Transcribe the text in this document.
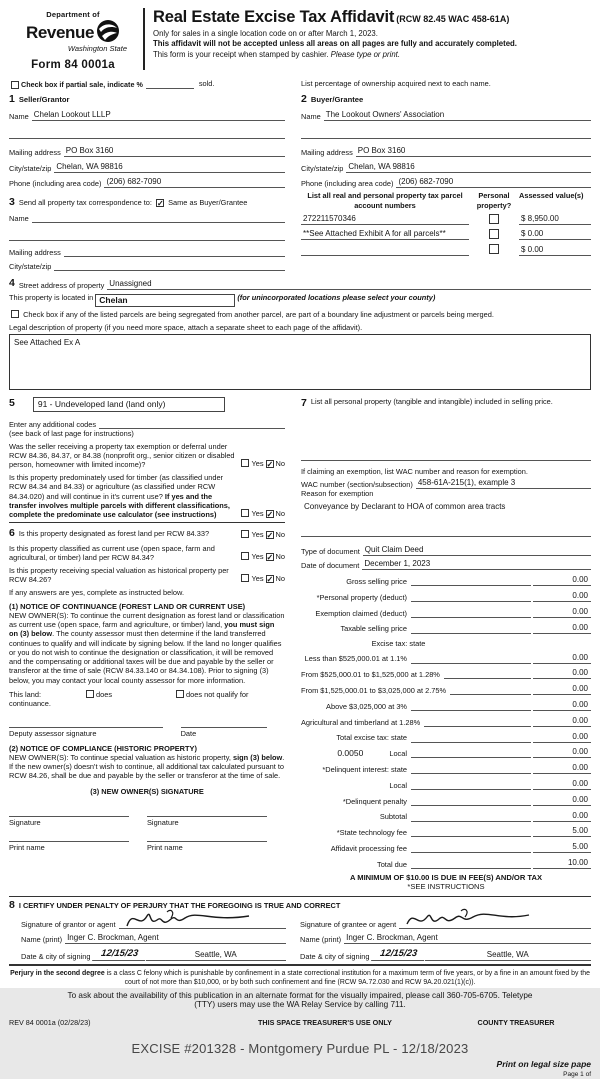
Department of
Revenue
Washington State
Form 84 0001a
Real Estate Excise Tax Affidavit (RCW 82.45 WAC 458-61A)
Only for sales in a single location code on or after March 1, 2023.
This affidavit will not be accepted unless all areas on all pages are fully and accurately completed.
This form is your receipt when stamped by cashier. Please type or print.
Check box if partial sale, indicate %	sold.	List percentage of ownership acquired next to each name.
1 Seller/Grantor
Name Chelan Lookout LLLP
Mailing address PO Box 3160
City/state/zip Chelan, WA 98816
Phone (including area code) (206) 682-7090
3 Send all property tax correspondence to: ✓ Same as Buyer/Grantee
Name
Mailing address
City/state/zip
2 Buyer/Grantee
Name The Lookout Owners' Association
Mailing address PO Box 3160
City/state/zip Chelan, WA 98816
Phone (including area code) (206) 682-7090
List all real and personal property tax parcel account numbers
Personal property?
Assessed value(s)
272211570346	$ 8,950.00
**See Attached Exhibit A for all parcels**	$ 0.00
$ 0.00
4 Street address of property Unassigned
This property is located in Chelan	(for unincorporated locations please select your county)
Check box if any of the listed parcels are being segregated from another parcel, are part of a boundary line adjustment or parcels being merged.
Legal description of property (if you need more space, attach a separate sheet to each page of the affidavit).
See Attached Ex A
5	91 - Undeveloped land (land only)
Enter any additional codes
(see back of last page for instructions)
Was the seller receiving a property tax exemption or deferral under RCW 84.36, 84.37, or 84.38 (nonprofit org., senior citizen or disabled person, homeowner with limited income)?	Yes ✓ No
Is this property predominately used for timber (as classified under RCW 84.34 and 84.33) or agriculture (as classified under RCW 84.34.020) and will continue in it's current use? If yes and the transfer involves multiple parcels with different classifications, complete the predominate use calculator (see instructions)	Yes ✓ No
6 Is this property designated as forest land per RCW 84.33?	Yes ✓ No
Is this property classified as current use (open space, farm and agricultural, or timber) land per RCW 84.34?	Yes ✓ No
Is this property receiving special valuation as historical property per RCW 84.26?	Yes ✓ No
If any answers are yes, complete as instructed below.
(1) NOTICE OF CONTINUANCE (FOREST LAND OR CURRENT USE)
NEW OWNER(S): To continue the current designation as forest land or classification as current use (open space, farm and agriculture, or timber) land, you must sign on (3) below. The county assessor must then determine if the land transferred continues to qualify and will indicate by signing below. If the land no longer qualifies or you do not wish to continue the designation or classification, it will be removed and the compensating or additional taxes will be due and payable by the seller or transferor at the time of sale (RCW 84.33.140 or 84.34.108). Prior to signing (3) below, you may contact your local county assessor for more information.
This land:	does	does not qualify for
continuance.
Deputy assessor signature	Date
(2) NOTICE OF COMPLIANCE (HISTORIC PROPERTY)
NEW OWNER(S): To continue special valuation as historic property, sign (3) below. If the new owner(s) doesn't wish to continue, all additional tax calculated pursuant to RCW 84.26, shall be due and payable by the seller or transferor at the time of sale.
(3) NEW OWNER(S) SIGNATURE
Signature	Signature
Print name	Print name
7 List all personal property (tangible and intangible) included in selling price.
If claiming an exemption, list WAC number and reason for exemption.
WAC number (section/subsection) 458-61A-215(1), example 3
Reason for exemption
Conveyance by Declarant to HOA of common area tracts
Type of document Quit Claim Deed
Date of document December 1, 2023
Gross selling price	0.00
*Personal property (deduct)	0.00
Exemption claimed (deduct)	0.00
Taxable selling price	0.00
Excise tax: state
Less than $525,000.01 at 1.1%	0.00
From $525,000.01 to $1,525,000 at 1.28%	0.00
From $1,525,000.01 to $3,025,000 at 2.75%	0.00
Above $3,025,000 at 3%	0.00
Agricultural and timberland at 1.28%	0.00
Total excise tax: state	0.00
0.0050	Local	0.00
*Delinquent interest: state	0.00
Local	0.00
*Delinquent penalty	0.00
Subtotal	0.00
*State technology fee	5.00
Affidavit processing fee	5.00
Total due	10.00
A MINIMUM OF $10.00 IS DUE IN FEE(S) AND/OR TAX
*SEE INSTRUCTIONS
8 I CERTIFY UNDER PENALTY OF PERJURY THAT THE FOREGOING IS TRUE AND CORRECT
Signature of grantor or agent
Name (print) Inger C. Brockman, Agent
Date & city of signing	12/15/23	Seattle, WA
Signature of grantee or agent
Name (print) Inger C. Brockman, Agent
Date & city of signing	12/15/23	Seattle, WA
Perjury in the second degree is a class C felony which is punishable by confinement in a state correctional institution for a maximum term of five years, or by a fine in an amount fixed by the court of not more than $10,000, or by both such confinement and fine (RCW 9A.72.030 and RCW 9A.20.021(1)(c)).
To ask about the availability of this publication in an alternate format for the visually impaired, please call 360-705-6705. Teletype
(TTY) users may use the WA Relay Service by calling 711.
REV 84 0001a (02/28/23)	THIS SPACE TREASURER'S USE ONLY	COUNTY TREASURER
EXCISE #201328 - Montgomery Purdue PL - 12/18/2023
Print on legal size pape
Page 1 of
